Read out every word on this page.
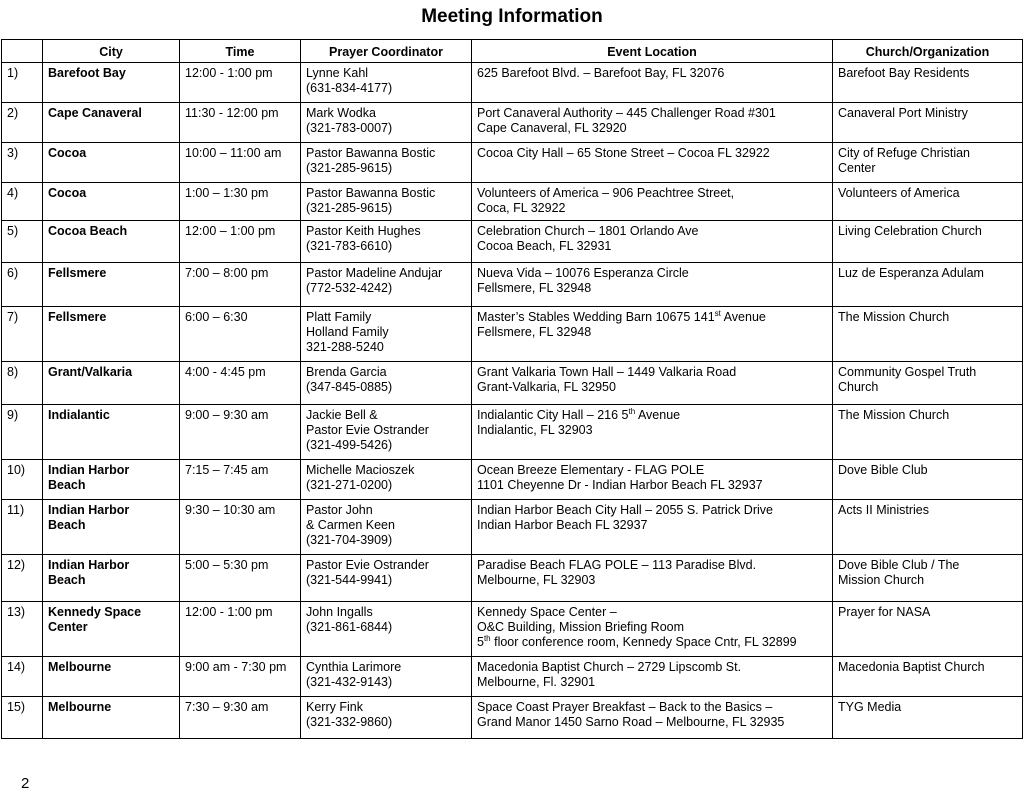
Meeting Information
	City	Time	Prayer Coordinator	Event Location	Church/Organization
1)	Barefoot Bay	12:00 - 1:00 pm	Lynne Kahl
(631-834-4177)	625 Barefoot Blvd. – Barefoot Bay, FL 32076	Barefoot Bay Residents

2)	Cape Canaveral	11:30 - 12:00 pm	Mark Wodka
(321-783-0007)	Port Canaveral Authority – 445 Challenger Road #301
Cape Canaveral, FL 32920	Canaveral Port Ministry

3)	Cocoa	10:00 – 11:00 am	Pastor Bawanna Bostic
(321-285-9615)	Cocoa City Hall – 65 Stone Street – Cocoa FL 32922	City of Refuge Christian
Center

4)	Cocoa	1:00 – 1:30 pm	Pastor Bawanna Bostic
(321-285-9615)	Volunteers of America – 906 Peachtree Street,
Coca, FL 32922	Volunteers of America

5)	Cocoa Beach	12:00 – 1:00 pm	Pastor Keith Hughes
(321-783-6610)	Celebration Church – 1801 Orlando Ave
Cocoa Beach, FL 32931	Living Celebration Church

6)	Fellsmere	7:00 – 8:00 pm	Pastor Madeline Andujar
(772-532-4242)	Nueva Vida – 10076 Esperanza Circle
Fellsmere, FL 32948	Luz de Esperanza Adulam

7)	Fellsmere	6:00 – 6:30	Platt Family
Holland Family
321-288-5240	Master’s Stables Wedding Barn 10675 141st Avenue
Fellsmere, FL 32948	The Mission Church

8)	Grant/Valkaria	4:00 - 4:45 pm	Brenda Garcia
(347-845-0885)	Grant Valkaria Town Hall – 1449 Valkaria Road
Grant-Valkaria, FL 32950	Community Gospel Truth
Church

9)	Indialantic	9:00 – 9:30 am	Jackie Bell &
Pastor Evie Ostrander
(321-499-5426)	Indialantic City Hall – 216 5th Avenue
Indialantic, FL 32903	The Mission Church

10)	Indian Harbor
Beach	7:15 – 7:45 am	Michelle Macioszek
(321-271-0200)	Ocean Breeze Elementary - FLAG POLE
1101 Cheyenne Dr - Indian Harbor Beach FL 32937	Dove Bible Club

11)	Indian Harbor
Beach	9:30 – 10:30 am	Pastor John
& Carmen Keen
(321-704-3909)	Indian Harbor Beach City Hall – 2055 S. Patrick Drive
Indian Harbor Beach FL 32937	Acts II Ministries

12)	Indian Harbor
Beach	5:00 – 5:30 pm	Pastor Evie Ostrander
(321-544-9941)	Paradise Beach FLAG POLE – 113 Paradise Blvd.
Melbourne, FL 32903	Dove Bible Club / The
Mission Church

13)	Kennedy Space
Center	12:00 - 1:00 pm	John Ingalls
(321-861-6844)	Kennedy Space Center –
O&C Building, Mission Briefing Room
5th floor conference room, Kennedy Space Cntr, FL 32899	Prayer for NASA

14)	Melbourne	9:00 am - 7:30 pm	Cynthia Larimore
(321-432-9143)	Macedonia Baptist Church – 2729 Lipscomb St.
Melbourne, Fl. 32901	Macedonia Baptist Church

15)	Melbourne	7:30 – 9:30 am	Kerry Fink
(321-332-9860)	Space Coast Prayer Breakfast – Back to the Basics –
Grand Manor 1450 Sarno Road – Melbourne, FL 32935	TYG Media
2
